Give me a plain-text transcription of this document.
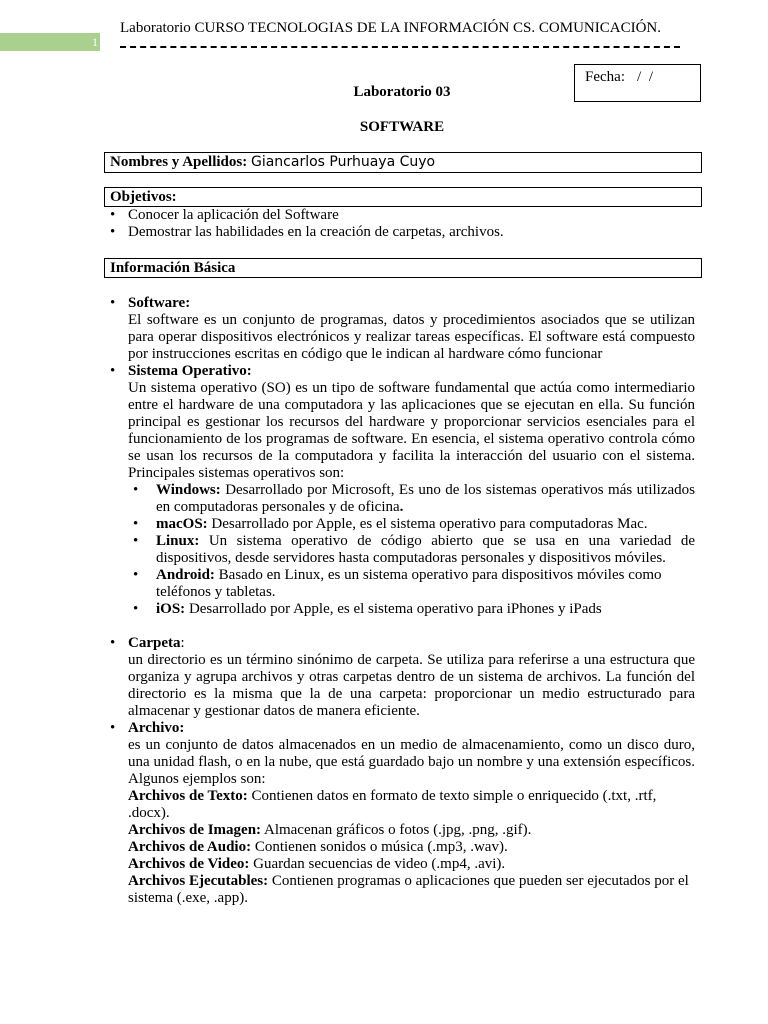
1
Laboratorio CURSO TECNOLOGIAS DE LA INFORMACIÓN CS. COMUNICACIÓN.
Fecha: / /
Laboratorio 03
SOFTWARE
Nombres y Apellidos: Giancarlos Purhuaya Cuyo
Objetivos:
Información Básica
• Conocer la aplicación del Software
• Demostrar las habilidades en la creación de carpetas, archivos.
• Software:
El software es un conjunto de programas, datos y procedimientos asociados que se utilizan para operar dispositivos electrónicos y realizar tareas específicas. El software está compuesto por instrucciones escritas en código que le indican al hardware cómo funcionar
• Sistema Operativo:
Un sistema operativo (SO) es un tipo de software fundamental que actúa como intermediario entre el hardware de una computadora y las aplicaciones que se ejecutan en ella. Su función principal es gestionar los recursos del hardware y proporcionar servicios esenciales para el funcionamiento de los programas de software. En esencia, el sistema operativo controla cómo se usan los recursos de la computadora y facilita la interacción del usuario con el sistema. Principales sistemas operativos son:
• Windows: Desarrollado por Microsoft, Es uno de los sistemas operativos más utilizados en computadoras personales y de oficina.
• macOS: Desarrollado por Apple, es el sistema operativo para computadoras Mac.
• Linux: Un sistema operativo de código abierto que se usa en una variedad de dispositivos, desde servidores hasta computadoras personales y dispositivos móviles.
• Android: Basado en Linux, es un sistema operativo para dispositivos móviles como teléfonos y tabletas.
• iOS: Desarrollado por Apple, es el sistema operativo para iPhones y iPads
• Carpeta:
un directorio es un término sinónimo de carpeta. Se utiliza para referirse a una estructura que organiza y agrupa archivos y otras carpetas dentro de un sistema de archivos. La función del directorio es la misma que la de una carpeta: proporcionar un medio estructurado para almacenar y gestionar datos de manera eficiente.
• Archivo:
es un conjunto de datos almacenados en un medio de almacenamiento, como un disco duro, una unidad flash, o en la nube, que está guardado bajo un nombre y una extensión específicos. Algunos ejemplos son:
Archivos de Texto: Contienen datos en formato de texto simple o enriquecido (.txt, .rtf, .docx).
Archivos de Imagen: Almacenan gráficos o fotos (.jpg, .png, .gif).
Archivos de Audio: Contienen sonidos o música (.mp3, .wav).
Archivos de Video: Guardan secuencias de video (.mp4, .avi).
Archivos Ejecutables: Contienen programas o aplicaciones que pueden ser ejecutados por el sistema (.exe, .app).
